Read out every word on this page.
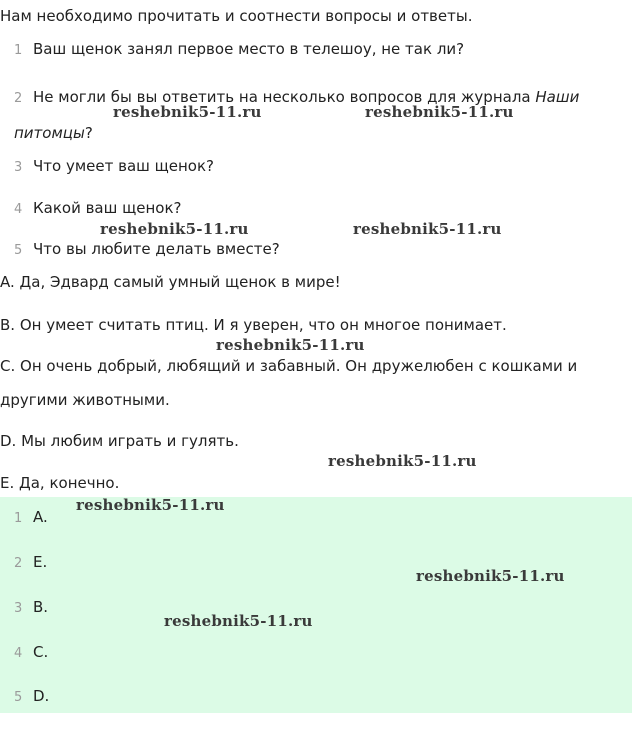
Нам необходимо прочитать и соотнести вопросы и ответы.
1 Ваш щенок занял первое место в телешоу, не так ли?
2 Не могли бы вы ответить на несколько вопросов для журнала Наши питомцы?
3 Что умеет ваш щенок?
4 Какой ваш щенок?
5 Что вы любите делать вместе?
A. Да, Эдвард самый умный щенок в мире!
B. Он умеет считать птиц. И я уверен, что он многое понимает.
C. Он очень добрый, любящий и забавный. Он дружелюбен с кошками и
другими животными.
D. Мы любим играть и гулять.
E. Да, конечно.
1 A.
2 E.
3 B.
4 C.
5 D.
reshebnik5-11.ru	reshebnik5-11.ru
reshebnik5-11.ru	reshebnik5-11.ru
reshebnik5-11.ru
reshebnik5-11.ru
reshebnik5-11.ru
reshebnik5-11.ru
reshebnik5-11.ru
